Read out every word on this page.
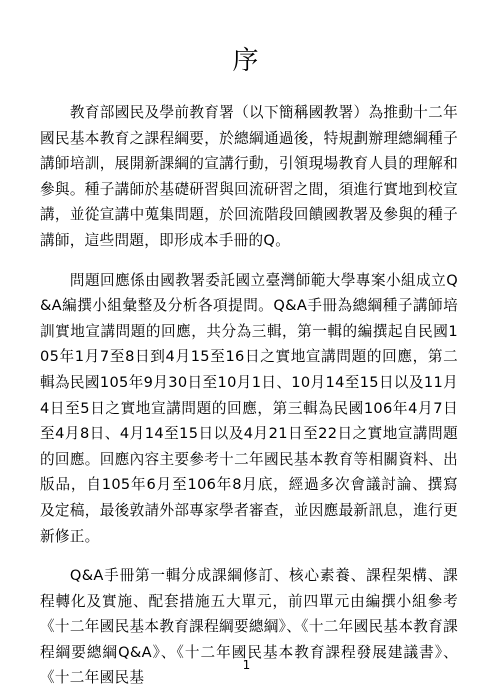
序

教育部國民及學前教育署（以下簡稱國教署）為推動十二年國民基本教育之課程綱要，於總綱通過後，特規劃辦理總綱種子講師培訓，展開新課綱的宣講行動，引領現場教育人員的理解和參與。種子講師於基礎研習與回流研習之間，須進行實地到校宣講，並從宣講中蒐集問題，於回流階段回饋國教署及參與的種子講師，這些問題，即形成本手冊的Q。

問題回應係由國教署委託國立臺灣師範大學專案小組成立Q&A編撰小組彙整及分析各項提問。Q&A手冊為總綱種子講師培訓實地宣講問題的回應，共分為三輯，第一輯的編撰起自民國105年1月7至8日到4月15至16日之實地宣講問題的回應，第二輯為民國105年9月30日至10月1日、10月14至15日以及11月4日至5日之實地宣講問題的回應，第三輯為民國106年4月7日至4月8日、4月14至15日以及4月21日至22日之實地宣講問題的回應。回應內容主要參考十二年國民基本教育等相關資料、出版品，自105年6月至106年8月底，經過多次會議討論、撰寫及定稿，最後敦請外部專家學者審查，並因應最新訊息，進行更新修正。

Q&A手冊第一輯分成課綱修訂、核心素養、課程架構、課程轉化及實施、配套措施五大單元，前四單元由編撰小組參考《十二年國民基本教育課程綱要總綱》、《十二年國民基本教育課程綱要總綱Q&A》、《十二年國民基本教育課程發展建議書》、《十二年國民基

1
